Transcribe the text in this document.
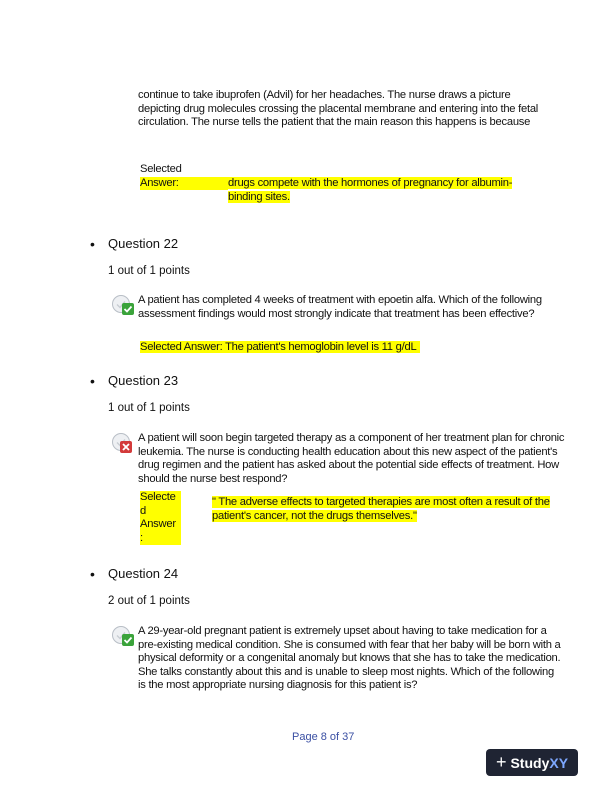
continue to take ibuprofen (Advil) for her headaches. The nurse draws a picture depicting drug molecules crossing the placental membrane and entering into the fetal circulation. The nurse tells the patient that the main reason this happens is because
Selected
Answer:	drugs compete with the hormones of pregnancy for albumin-binding sites.
• Question 22
1 out of 1 points
A patient has completed 4 weeks of treatment with epoetin alfa. Which of the following assessment findings would most strongly indicate that treatment has been effective?
Selected Answer: The patient's hemoglobin level is 11 g/dL
• Question 23
1 out of 1 points
A patient will soon begin targeted therapy as a component of her treatment plan for chronic leukemia. The nurse is conducting health education about this new aspect of the patient's drug regimen and the patient has asked about the potential side effects of treatment. How should the nurse best respond?
Selecte
d
Answer
:
" The adverse effects to targeted therapies are most often a result of the patient's cancer, not the drugs themselves."
• Question 24
2 out of 1 points
A 29-year-old pregnant patient is extremely upset about having to take medication for a pre-existing medical condition. She is consumed with fear that her baby will be born with a physical deformity or a congenital anomaly but knows that she has to take the medication. She talks constantly about this and is unable to sleep most nights. Which of the following is the most appropriate nursing diagnosis for this patient is?
Page 8 of 37
+ Study XY
